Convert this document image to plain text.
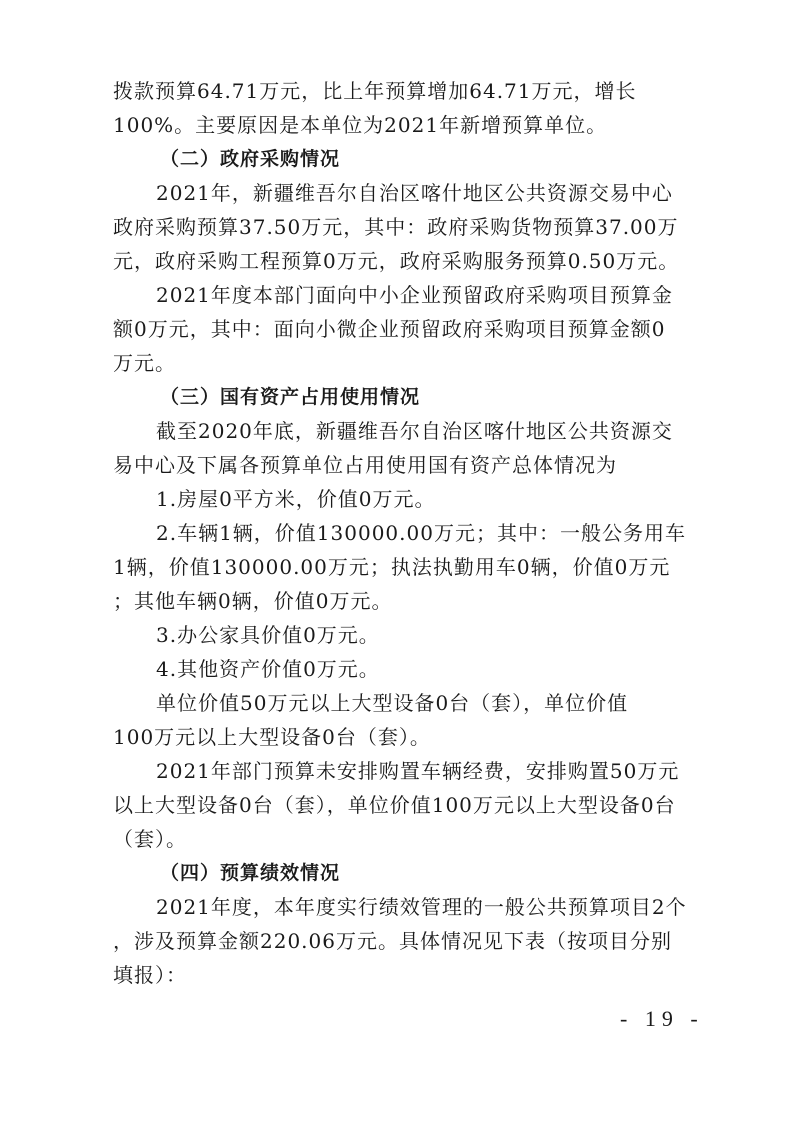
拨款预算64.71万元，比上年预算增加64.71万元，增长
100%。主要原因是本单位为2021年新增预算单位。
（二）政府采购情况
2021年，新疆维吾尔自治区喀什地区公共资源交易中心
政府采购预算37.50万元，其中：政府采购货物预算37.00万
元，政府采购工程预算0万元，政府采购服务预算0.50万元。
2021年度本部门面向中小企业预留政府采购项目预算金
额0万元，其中：面向小微企业预留政府采购项目预算金额0
万元。
（三）国有资产占用使用情况
截至2020年底，新疆维吾尔自治区喀什地区公共资源交
易中心及下属各预算单位占用使用国有资产总体情况为
1.房屋0平方米，价值0万元。
2.车辆1辆，价值130000.00万元；其中：一般公务用车
1辆，价值130000.00万元；执法执勤用车0辆，价值0万元
；其他车辆0辆，价值0万元。
3.办公家具价值0万元。
4.其他资产价值0万元。
单位价值50万元以上大型设备0台（套），单位价值
100万元以上大型设备0台（套）。
2021年部门预算未安排购置车辆经费，安排购置50万元
以上大型设备0台（套），单位价值100万元以上大型设备0台
（套）。
（四）预算绩效情况
2021年度，本年度实行绩效管理的一般公共预算项目2个
，涉及预算金额220.06万元。具体情况见下表（按项目分别
填报）：
- 19 -
